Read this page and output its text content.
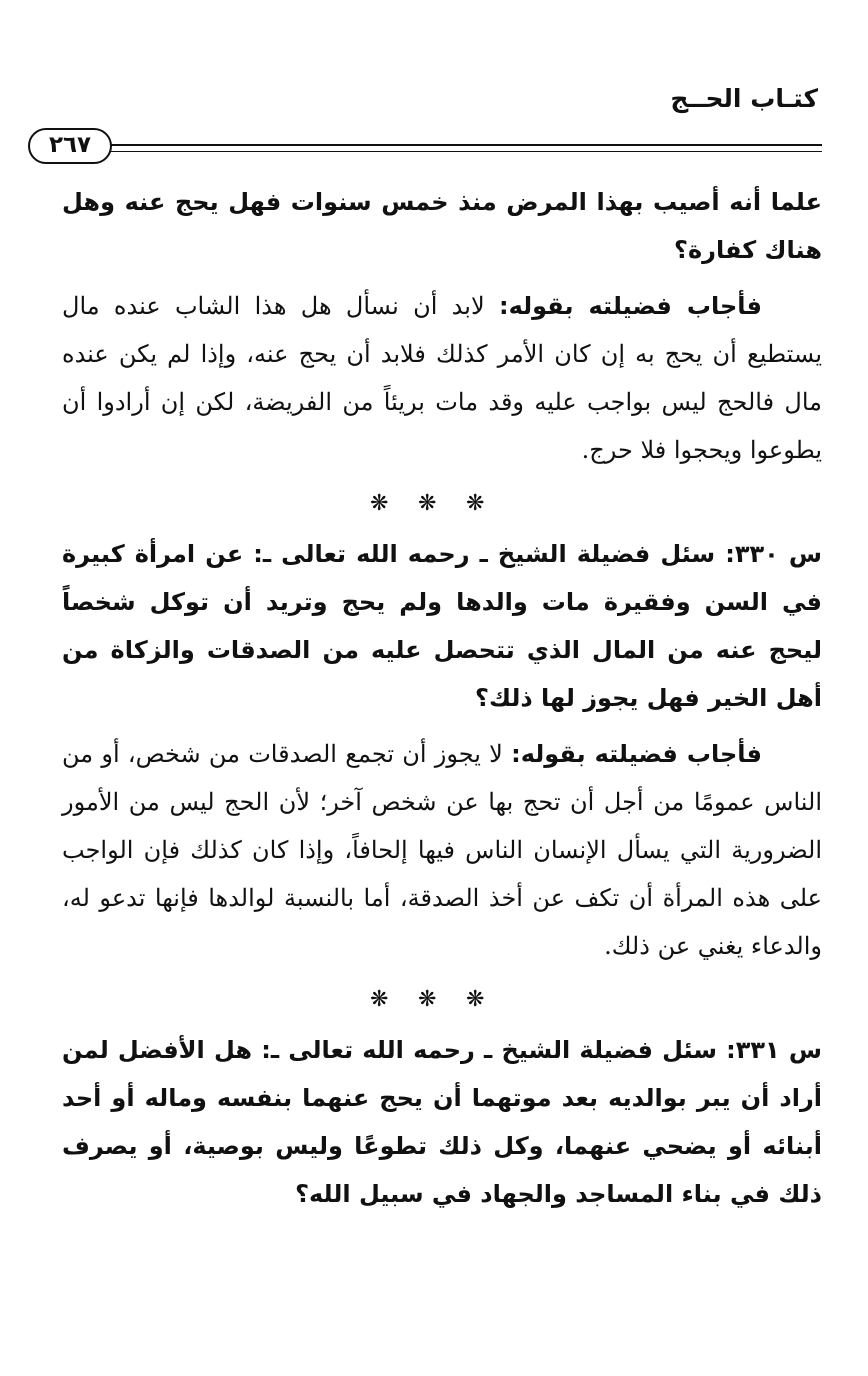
كتـاب الحــج
٢٦٧

علما أنه أصيب بهذا المرض منذ خمس سنوات فهل يحج عنه وهل هناك كفارة؟

فأجاب فضيلته بقوله: لابد أن نسأل هل هذا الشاب عنده مال يستطيع أن يحج به إن كان الأمر كذلك فلابد أن يحج عنه، وإذا لم يكن عنده مال فالحج ليس بواجب عليه وقد مات بريئاً من الفريضة، لكن إن أرادوا أن يطوعوا ويحجوا فلا حرج.

❋❋❋

س ٣٣٠: سئل فضيلة الشيخ ـ رحمه الله تعالى ـ: عن امرأة كبيرة في السن وفقيرة مات والدها ولم يحج وتريد أن توكل شخصاً ليحج عنه من المال الذي تتحصل عليه من الصدقات والزكاة من أهل الخير فهل يجوز لها ذلك؟

فأجاب فضيلته بقوله: لا يجوز أن تجمع الصدقات من شخص، أو من الناس عمومًا من أجل أن تحج بها عن شخص آخر؛ لأن الحج ليس من الأمور الضرورية التي يسأل الإنسان الناس فيها إلحافاً، وإذا كان كذلك فإن الواجب على هذه المرأة أن تكف عن أخذ الصدقة، أما بالنسبة لوالدها فإنها تدعو له، والدعاء يغني عن ذلك.

❋❋❋

س ٣٣١: سئل فضيلة الشيخ ـ رحمه الله تعالى ـ: هل الأفضل لمن أراد أن يبر بوالديه بعد موتهما أن يحج عنهما بنفسه وماله أو أحد أبنائه أو يضحي عنهما، وكل ذلك تطوعًا وليس بوصية، أو يصرف ذلك في بناء المساجد والجهاد في سبيل الله؟
